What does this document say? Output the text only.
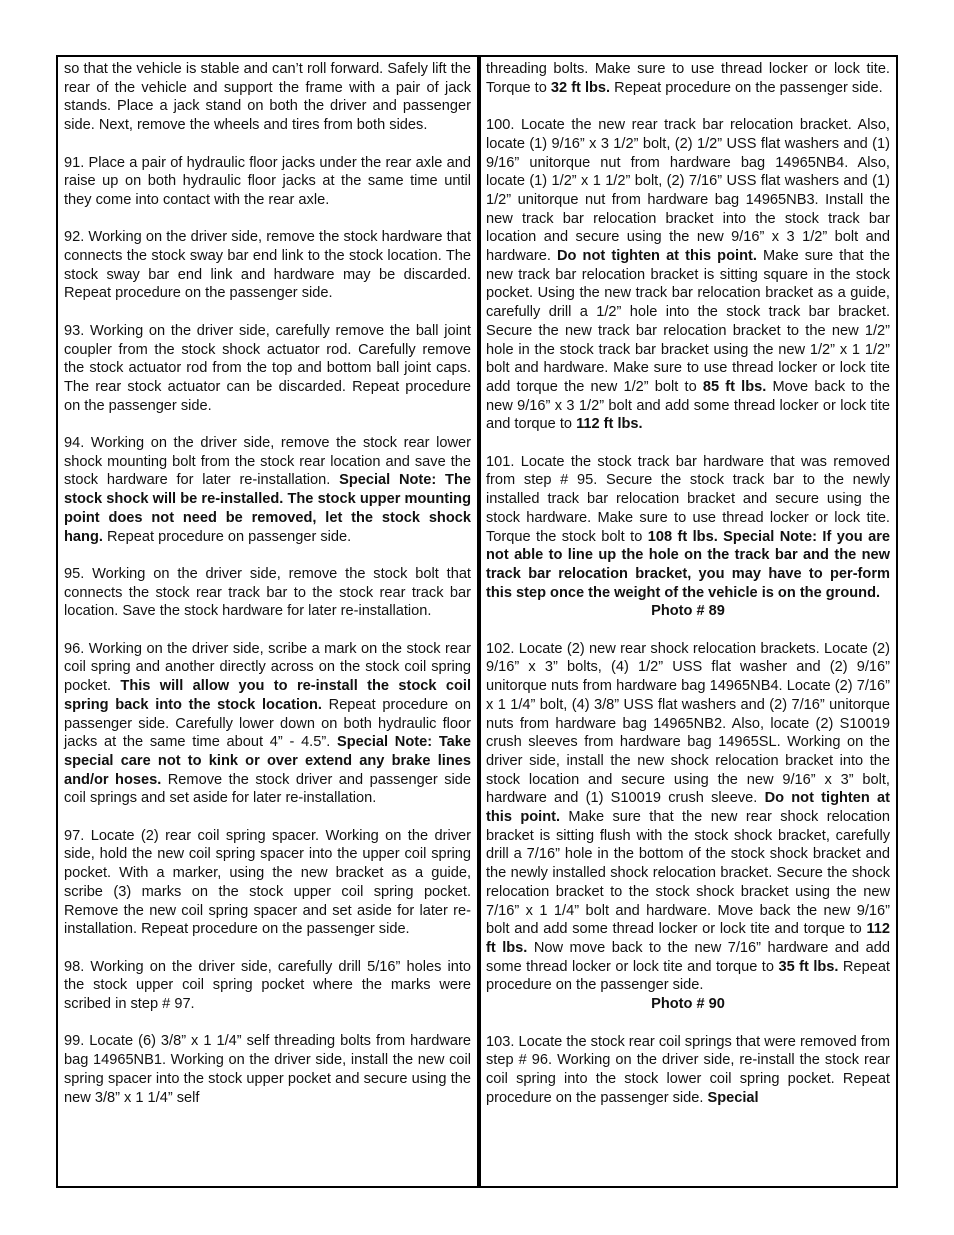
so that the vehicle is stable and can’t roll forward. Safely lift the rear of the vehicle and support the frame with a pair of jack stands. Place a jack stand on both the driver and passenger side. Next, remove the wheels and tires from both sides.
91. Place a pair of hydraulic floor jacks under the rear axle and raise up on both hydraulic floor jacks at the same time until they come into contact with the rear axle.
92. Working on the driver side, remove the stock hardware that connects the stock sway bar end link to the stock location. The stock sway bar end link and hardware may be discarded. Repeat procedure on the passenger side.
93. Working on the driver side, carefully remove the ball joint coupler from the stock shock actuator rod. Carefully remove the stock actuator rod from the top and bottom ball joint caps. The rear stock actuator can be discarded. Repeat procedure on the passenger side.
94. Working on the driver side, remove the stock rear lower shock mounting bolt from the stock rear location and save the stock hardware for later re-installation. Special Note: The stock shock will be re-installed. The stock upper mounting point does not need be removed, let the stock shock hang. Repeat procedure on passenger side.
95. Working on the driver side, remove the stock bolt that connects the stock rear track bar to the stock rear track bar location. Save the stock hardware for later re-installation.
96. Working on the driver side, scribe a mark on the stock rear coil spring and another directly across on the stock coil spring pocket. This will allow you to re-install the stock coil spring back into the stock location. Repeat procedure on passenger side. Carefully lower down on both hydraulic floor jacks at the same time about 4” - 4.5”. Special Note: Take special care not to kink or over extend any brake lines and/or hoses. Remove the stock driver and passenger side coil springs and set aside for later re-installation.
97. Locate (2) rear coil spring spacer. Working on the driver side, hold the new coil spring spacer into the upper coil spring pocket. With a marker, using the new bracket as a guide, scribe (3) marks on the stock upper coil spring pocket. Remove the new coil spring spacer and set aside for later re-installation. Repeat procedure on the passenger side.
98. Working on the driver side, carefully drill 5/16” holes into the stock upper coil spring pocket where the marks were scribed in step # 97.
99. Locate (6) 3/8” x 1 1/4” self threading bolts from hardware bag 14965NB1. Working on the driver side, install the new coil spring spacer into the stock upper pocket and secure using the new 3/8” x 1 1/4” self
threading bolts. Make sure to use thread locker or lock tite. Torque to 32 ft lbs. Repeat procedure on the passenger side.
100. Locate the new rear track bar relocation bracket. Also, locate (1) 9/16” x 3 1/2” bolt, (2) 1/2” USS flat washers and (1) 9/16” unitorque nut from hardware bag 14965NB4. Also, locate (1) 1/2” x 1 1/2” bolt, (2) 7/16” USS flat washers and (1) 1/2” unitorque nut from hardware bag 14965NB3. Install the new track bar relocation bracket into the stock track bar location and secure using the new 9/16” x 3 1/2” bolt and hardware. Do not tighten at this point. Make sure that the new track bar relocation bracket is sitting square in the stock pocket. Using the new track bar relocation bracket as a guide, carefully drill a 1/2” hole into the stock track bar bracket. Secure the new track bar relocation bracket to the new 1/2” hole in the stock track bar bracket using the new 1/2” x 1 1/2” bolt and hardware. Make sure to use thread locker or lock tite add torque the new 1/2” bolt to 85 ft lbs. Move back to the new 9/16” x 3 1/2” bolt and add some thread locker or lock tite and torque to 112 ft lbs.
101. Locate the stock track bar hardware that was removed from step # 95. Secure the stock track bar to the newly installed track bar relocation bracket and secure using the stock hardware. Make sure to use thread locker or lock tite. Torque the stock bolt to 108 ft lbs. Special Note: If you are not able to line up the hole on the track bar and the new track bar relocation bracket, you may have to per-form this step once the weight of the vehicle is on the ground.
Photo # 89
102. Locate (2) new rear shock relocation brackets. Locate (2) 9/16” x 3” bolts, (4) 1/2” USS flat washer and (2) 9/16” unitorque nuts from hardware bag 14965NB4. Locate (2) 7/16” x 1 1/4” bolt, (4) 3/8” USS flat washers and (2) 7/16” unitorque nuts from hardware bag 14965NB2. Also, locate (2) S10019 crush sleeves from hardware bag 14965SL. Working on the driver side, install the new shock relocation bracket into the stock location and secure using the new 9/16” x 3” bolt, hardware and (1) S10019 crush sleeve. Do not tighten at this point. Make sure that the new rear shock relocation bracket is sitting flush with the stock shock bracket, carefully drill a 7/16” hole in the bottom of the stock shock bracket and the newly installed shock relocation bracket. Secure the shock relocation bracket to the stock shock bracket using the new 7/16” x 1 1/4” bolt and hardware. Move back the new 9/16” bolt and add some thread locker or lock tite and torque to 112 ft lbs. Now move back to the new 7/16” hardware and add some thread locker or lock tite and torque to 35 ft lbs. Repeat procedure on the passenger side.
Photo # 90
103. Locate the stock rear coil springs that were removed from step # 96. Working on the driver side, re-install the stock rear coil spring into the stock lower coil spring pocket. Repeat procedure on the passenger side. Special
